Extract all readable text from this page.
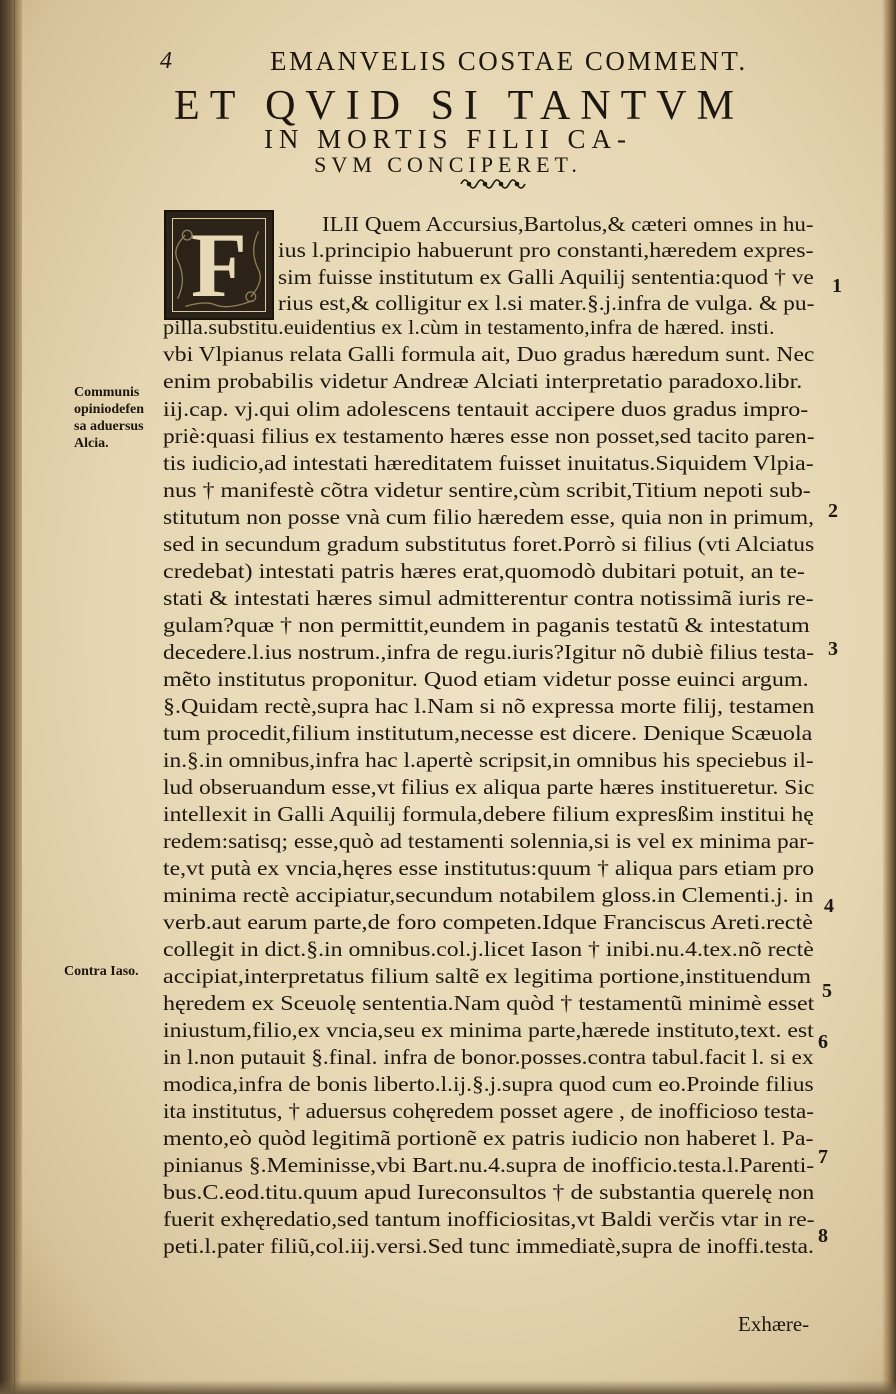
4	EMANVELIS COSTAE COMMENT.
ET QVID SI TANTVM
IN MORTIS FILII CA-
SVM CONCIPERET.
F	ILII Quem Accursius,Bartolus,& cæteri omnes in hu-
ius l.principio habuerunt pro constanti,hæredem expres-
sim fuisse institutum ex Galli Aquilij sententia:quod † ve
rius est,& colligitur ex l.si mater.§.j.infra de vulga. & pu-
pilla.substitu.euidentius ex l.cùm in testamento,infra de hæred. insti.
vbi Vlpianus relata Galli formula ait, Duo gradus hæredum sunt. Nec
enim probabilis videtur Andreæ Alciati interpretatio paradoxo.libr.
iij.cap. vj.qui olim adolescens tentauit accipere duos gradus impro-
priè:quasi filius ex testamento hæres esse non posset,sed tacito paren-
tis iudicio,ad intestati hæreditatem fuisset inuitatus.Siquidem Vlpia-
nus † manifestè cõtra videtur sentire,cùm scribit,Titium nepoti sub-
stitutum non posse vnà cum filio hæredem esse, quia non in primum,
sed in secundum gradum substitutus foret.Porrò si filius (vti Alciatus
credebat) intestati patris hæres erat,quomodò dubitari potuit, an te-
stati & intestati hæres simul admitterentur contra notissimã iuris re-
gulam?quæ † non permittit,eundem in paganis testatũ & intestatum
decedere.l.ius nostrum.,infra de regu.iuris?Igitur nõ dubiè filius testa-
mẽto institutus proponitur. Quod etiam videtur posse euinci argum.
§.Quidam rectè,supra hac l.Nam si nõ expressa morte filij, testamen
tum procedit,filium institutum,necesse est dicere. Denique Scæuola
in.§.in omnibus,infra hac l.apertè scripsit,in omnibus his speciebus il-
lud obseruandum esse,vt filius ex aliqua parte hæres institueretur. Sic
intellexit in Galli Aquilij formula,debere filium expresßim institui hę
redem:satisq; esse,quò ad testamenti solennia,si is vel ex minima par-
te,vt putà ex vncia,hęres esse institutus:quum † aliqua pars etiam pro
minima rectè accipiatur,secundum notabilem gloss.in Clementi.j. in
verb.aut earum parte,de foro competen.Idque Franciscus Areti.rectè
collegit in dict.§.in omnibus.col.j.licet Iason † inibi.nu.4.tex.nõ rectè
accipiat,interpretatus filium saltẽ ex legitima portione,instituendum
hęredem ex Sceuolę sententia.Nam quòd † testamentũ minimè esset
iniustum,filio,ex vncia,seu ex minima parte,hærede instituto,text. est
in l.non putauit §.final. infra de bonor.posses.contra tabul.facit l. si ex
modica,infra de bonis liberto.l.ij.§.j.supra quod cum eo.Proinde filius
ita institutus, † aduersus cohęredem posset agere , de inofficioso testa-
mento,eò quòd legitimã portionẽ ex patris iudicio non haberet l. Pa-
pinianus §.Meminisse,vbi Bart.nu.4.supra de inofficio.testa.l.Parenti-
bus.C.eod.titu.quum apud Iureconsultos † de substantia querelę non
fuerit exhęredatio,sed tantum inofficiositas,vt Baldi verčis vtar in re-
peti.l.pater filiũ,col.iij.versi.Sed tunc immediatè,supra de inoffi.testa.
Communis
opiniodefen
sa aduersus
Alcia.
Contra Iaso.
1
2
3
4
5
6
7
8
Exhære-
